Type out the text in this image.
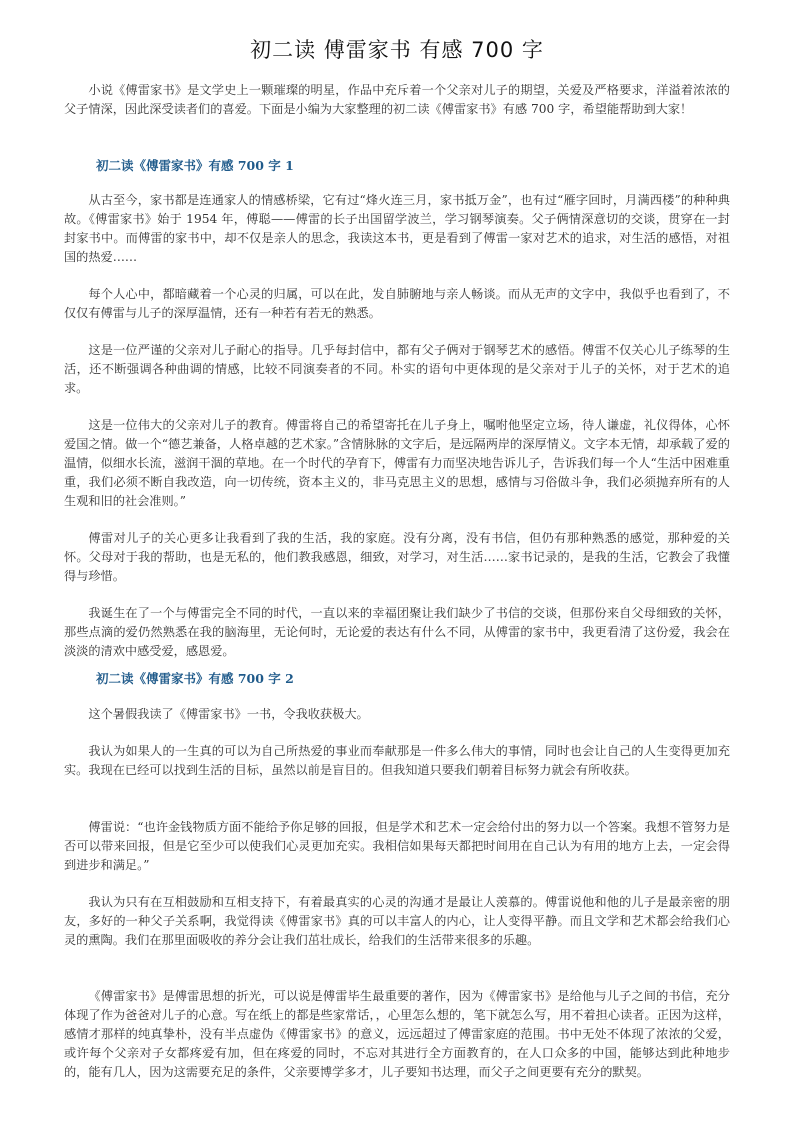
初二读 傅雷家书 有感 700 字

小说《傅雷家书》是文学史上一颗璀璨的明星，作品中充斥着一个父亲对儿子的期望，关爱及严格要求，洋溢着浓浓的父子情深，因此深受读者们的喜爱。下面是小编为大家整理的初二读《傅雷家书》有感 700 字，希望能帮助到大家！

初二读《傅雷家书》有感 700 字 1

从古至今，家书都是连通家人的情感桥梁，它有过“烽火连三月，家书抵万金”，也有过“雁字回时，月满西楼”的种种典故。《傅雷家书》始于 1954 年，傅聪——傅雷的长子出国留学波兰，学习钢琴演奏。父子俩情深意切的交谈，贯穿在一封封家书中。而傅雷的家书中，却不仅是亲人的思念，我读这本书，更是看到了傅雷一家对艺术的追求，对生活的感悟，对祖国的热爱……

每个人心中，都暗藏着一个心灵的归属，可以在此，发自肺腑地与亲人畅谈。而从无声的文字中，我似乎也看到了，不仅仅有傅雷与儿子的深厚温情，还有一种若有若无的熟悉。

这是一位严谨的父亲对儿子耐心的指导。几乎每封信中，都有父子俩对于钢琴艺术的感悟。傅雷不仅关心儿子练琴的生活，还不断强调各种曲调的情感，比较不同演奏者的不同。朴实的语句中更体现的是父亲对于儿子的关怀，对于艺术的追求。

这是一位伟大的父亲对儿子的教育。傅雷将自己的希望寄托在儿子身上，嘱咐他坚定立场，待人谦虚，礼仪得体，心怀爱国之情。做一个“德艺兼备，人格卓越的艺术家。”含情脉脉的文字后，是远隔两岸的深厚情义。文字本无情，却承载了爱的温情，似细水长流，滋润干涸的草地。在一个时代的孕育下，傅雷有力而坚决地告诉儿子，告诉我们每一个人“生活中困难重重，我们必须不断自我改造，向一切传统，资本主义的，非马克思主义的思想，感情与习俗做斗争，我们必须抛弃所有的人生观和旧的社会准则。”

傅雷对儿子的关心更多让我看到了我的生活，我的家庭。没有分离，没有书信，但仍有那种熟悉的感觉，那种爱的关怀。父母对于我的帮助，也是无私的，他们教我感恩，细致，对学习，对生活……家书记录的，是我的生活，它教会了我懂得与珍惜。

我诞生在了一个与傅雷完全不同的时代，一直以来的幸福团聚让我们缺少了书信的交谈，但那份来自父母细致的关怀，那些点滴的爱仍然熟悉在我的脑海里，无论何时，无论爱的表达有什么不同，从傅雷的家书中，我更看清了这份爱，我会在淡淡的清欢中感受爱，感恩爱。

初二读《傅雷家书》有感 700 字 2

这个暑假我读了《傅雷家书》一书，令我收获极大。

我认为如果人的一生真的可以为自己所热爱的事业而奉献那是一件多么伟大的事情，同时也会让自己的人生变得更加充实。我现在已经可以找到生活的目标，虽然以前是盲目的。但我知道只要我们朝着目标努力就会有所收获。

傅雷说：“也许金钱物质方面不能给予你足够的回报，但是学术和艺术一定会给付出的努力以一个答案。我想不管努力是否可以带来回报，但是它至少可以使我们心灵更加充实。我相信如果每天都把时间用在自己认为有用的地方上去，一定会得到进步和满足。”

我认为只有在互相鼓励和互相支持下，有着最真实的心灵的沟通才是最让人羡慕的。傅雷说他和他的儿子是最亲密的朋友，多好的一种父子关系啊，我觉得读《傅雷家书》真的可以丰富人的内心，让人变得平静。而且文学和艺术都会给我们心灵的熏陶。我们在那里面吸收的养分会让我们茁壮成长，给我们的生活带来很多的乐趣。

《傅雷家书》是傅雷思想的折光，可以说是傅雷毕生最重要的著作，因为《傅雷家书》是给他与儿子之间的书信，充分体现了作为爸爸对儿子的心意。写在纸上的都是些家常话，，心里怎么想的，笔下就怎么写，用不着担心读者。正因为这样，感情才那样的纯真挚朴，没有半点虚伪《傅雷家书》的意义，远远超过了傅雷家庭的范围。书中无处不体现了浓浓的父爱，或许每个父亲对子女都疼爱有加，但在疼爱的同时，不忘对其进行全方面教育的，在人口众多的中国，能够达到此种地步的，能有几人，因为这需要充足的条件，父亲要博学多才，儿子要知书达理，而父子之间更要有充分的默契。
